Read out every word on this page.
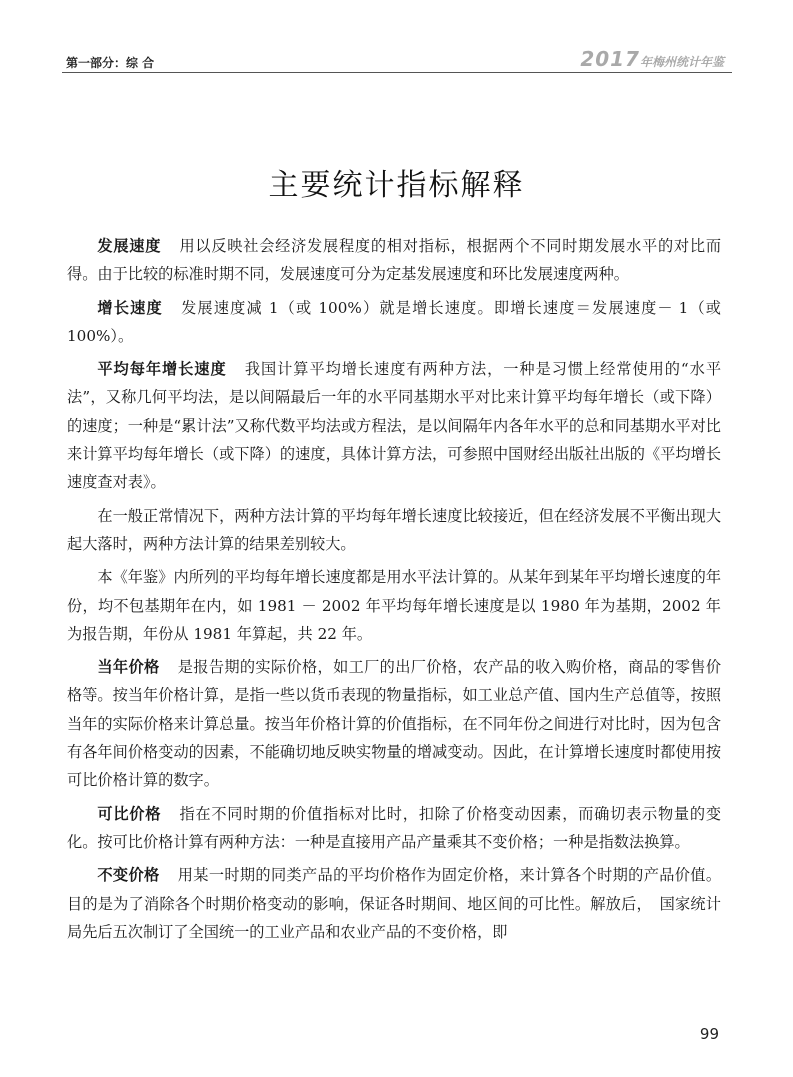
第一部分：综 合	2017年梅州统计年鉴
主要统计指标解释

发展速度 用以反映社会经济发展程度的相对指标，根据两个不同时期发展水平的对比而得。由于比较的标准时期不同，发展速度可分为定基发展速度和环比发展速度两种。

增长速度 发展速度减 1（或 100%）就是增长速度。即增长速度＝发展速度－ 1（或 100%）。

平均每年增长速度 我国计算平均增长速度有两种方法，一种是习惯上经常使用的“水平法”，又称几何平均法，是以间隔最后一年的水平同基期水平对比来计算平均每年增长（或下降）的速度；一种是“累计法”又称代数平均法或方程法，是以间隔年内各年水平的总和同基期水平对比来计算平均每年增长（或下降）的速度，具体计算方法，可参照中国财经出版社出版的《平均增长速度查对表》。

在一般正常情况下，两种方法计算的平均每年增长速度比较接近，但在经济发展不平衡出现大起大落时，两种方法计算的结果差别较大。

本《年鉴》内所列的平均每年增长速度都是用水平法计算的。从某年到某年平均增长速度的年份，均不包基期年在内，如 1981 － 2002 年平均每年增长速度是以 1980 年为基期，2002 年为报告期，年份从 1981 年算起，共 22 年。

当年价格 是报告期的实际价格，如工厂的出厂价格，农产品的收入购价格，商品的零售价格等。按当年价格计算，是指一些以货币表现的物量指标，如工业总产值、国内生产总值等，按照当年的实际价格来计算总量。按当年价格计算的价值指标，在不同年份之间进行对比时，因为包含有各年间价格变动的因素，不能确切地反映实物量的增减变动。因此，在计算增长速度时都使用按可比价格计算的数字。

可比价格 指在不同时期的价值指标对比时，扣除了价格变动因素，而确切表示物量的变化。按可比价格计算有两种方法：一种是直接用产品产量乘其不变价格；一种是指数法换算。

不变价格 用某一时期的同类产品的平均价格作为固定价格，来计算各个时期的产品价值。目的是为了消除各个时期价格变动的影响，保证各时期间、地区间的可比性。解放后，　国家统计局先后五次制订了全国统一的工业产品和农业产品的不变价格，即

99
